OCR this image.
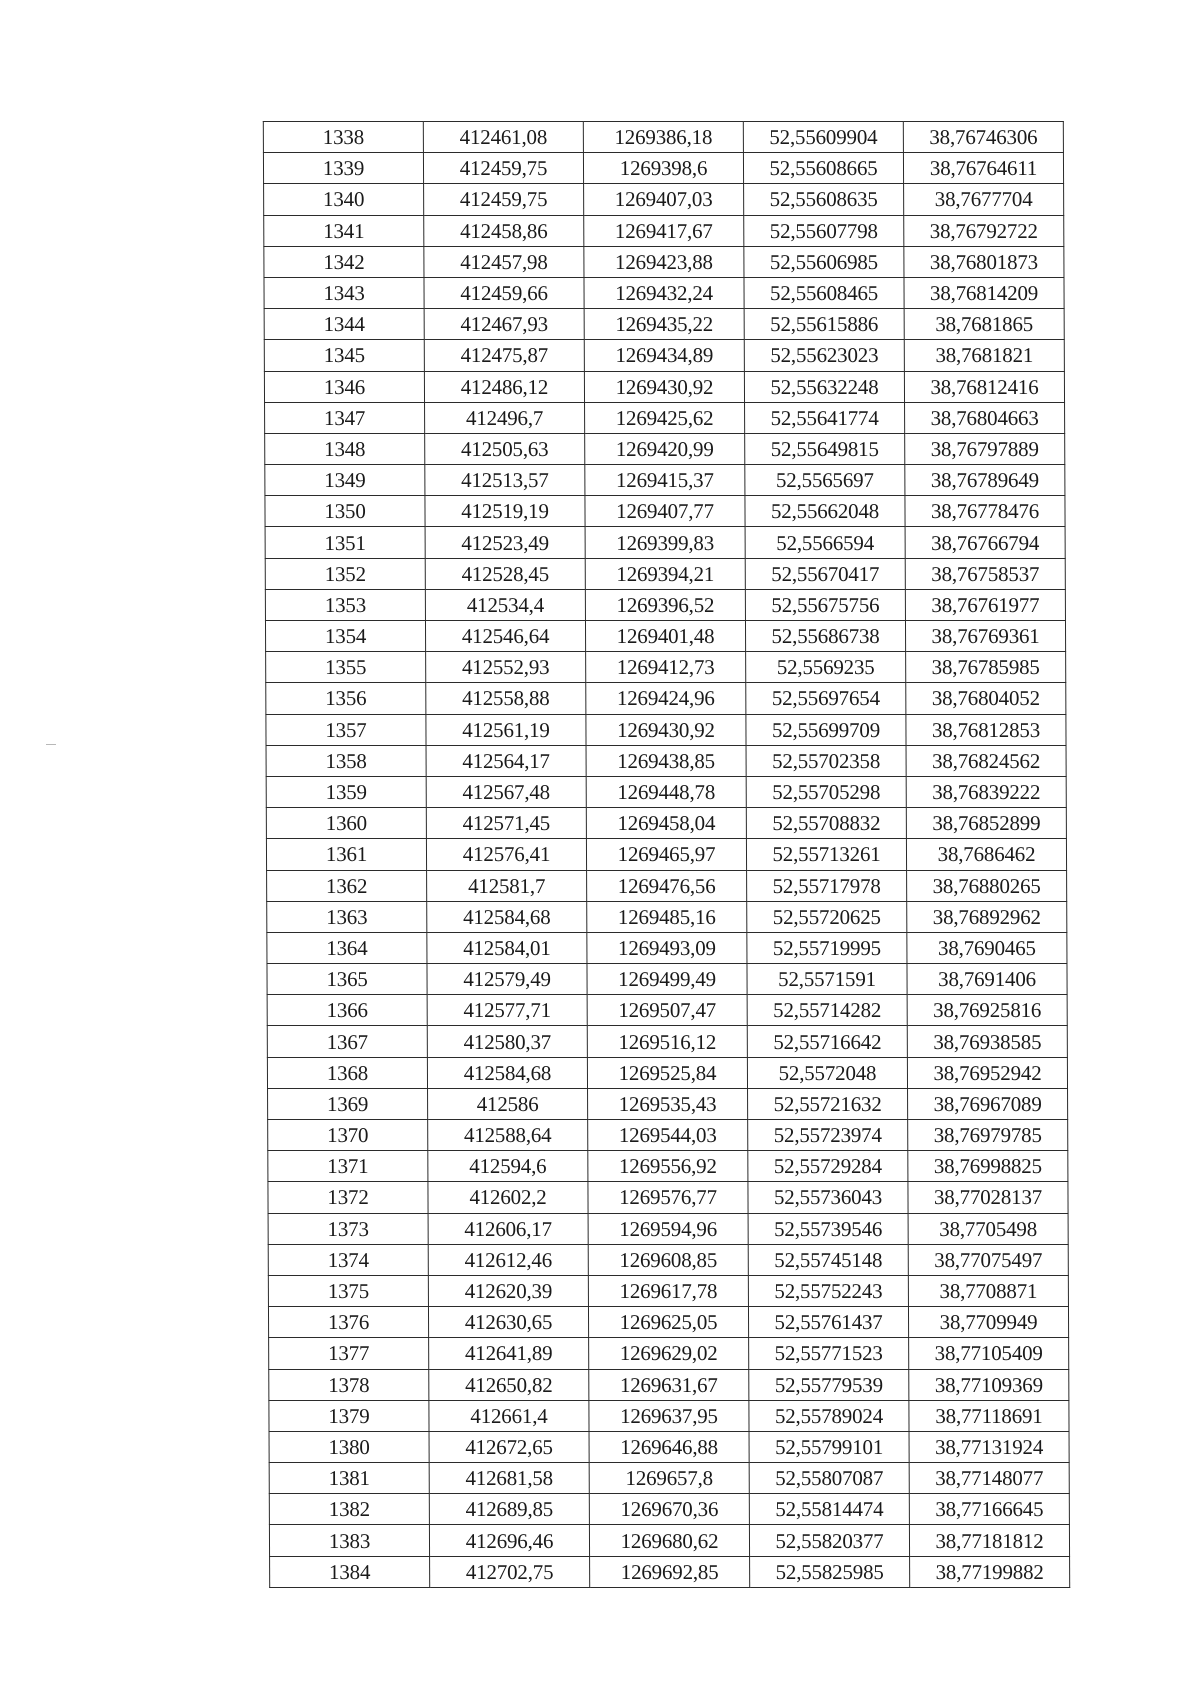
1338	412461,08	1269386,18	52,55609904	38,76746306
1339	412459,75	1269398,6	52,55608665	38,76764611
1340	412459,75	1269407,03	52,55608635	38,7677704
1341	412458,86	1269417,67	52,55607798	38,76792722
1342	412457,98	1269423,88	52,55606985	38,76801873
1343	412459,66	1269432,24	52,55608465	38,76814209
1344	412467,93	1269435,22	52,55615886	38,7681865
1345	412475,87	1269434,89	52,55623023	38,7681821
1346	412486,12	1269430,92	52,55632248	38,76812416
1347	412496,7	1269425,62	52,55641774	38,76804663
1348	412505,63	1269420,99	52,55649815	38,76797889
1349	412513,57	1269415,37	52,5565697	38,76789649
1350	412519,19	1269407,77	52,55662048	38,76778476
1351	412523,49	1269399,83	52,5566594	38,76766794
1352	412528,45	1269394,21	52,55670417	38,76758537
1353	412534,4	1269396,52	52,55675756	38,76761977
1354	412546,64	1269401,48	52,55686738	38,76769361
1355	412552,93	1269412,73	52,5569235	38,76785985
1356	412558,88	1269424,96	52,55697654	38,76804052
1357	412561,19	1269430,92	52,55699709	38,76812853
1358	412564,17	1269438,85	52,55702358	38,76824562
1359	412567,48	1269448,78	52,55705298	38,76839222
1360	412571,45	1269458,04	52,55708832	38,76852899
1361	412576,41	1269465,97	52,55713261	38,7686462
1362	412581,7	1269476,56	52,55717978	38,76880265
1363	412584,68	1269485,16	52,55720625	38,76892962
1364	412584,01	1269493,09	52,55719995	38,7690465
1365	412579,49	1269499,49	52,5571591	38,7691406
1366	412577,71	1269507,47	52,55714282	38,76925816
1367	412580,37	1269516,12	52,55716642	38,76938585
1368	412584,68	1269525,84	52,5572048	38,76952942
1369	412586	1269535,43	52,55721632	38,76967089
1370	412588,64	1269544,03	52,55723974	38,76979785
1371	412594,6	1269556,92	52,55729284	38,76998825
1372	412602,2	1269576,77	52,55736043	38,77028137
1373	412606,17	1269594,96	52,55739546	38,7705498
1374	412612,46	1269608,85	52,55745148	38,77075497
1375	412620,39	1269617,78	52,55752243	38,7708871
1376	412630,65	1269625,05	52,55761437	38,7709949
1377	412641,89	1269629,02	52,55771523	38,77105409
1378	412650,82	1269631,67	52,55779539	38,77109369
1379	412661,4	1269637,95	52,55789024	38,77118691
1380	412672,65	1269646,88	52,55799101	38,77131924
1381	412681,58	1269657,8	52,55807087	38,77148077
1382	412689,85	1269670,36	52,55814474	38,77166645
1383	412696,46	1269680,62	52,55820377	38,77181812
1384	412702,75	1269692,85	52,55825985	38,77199882
